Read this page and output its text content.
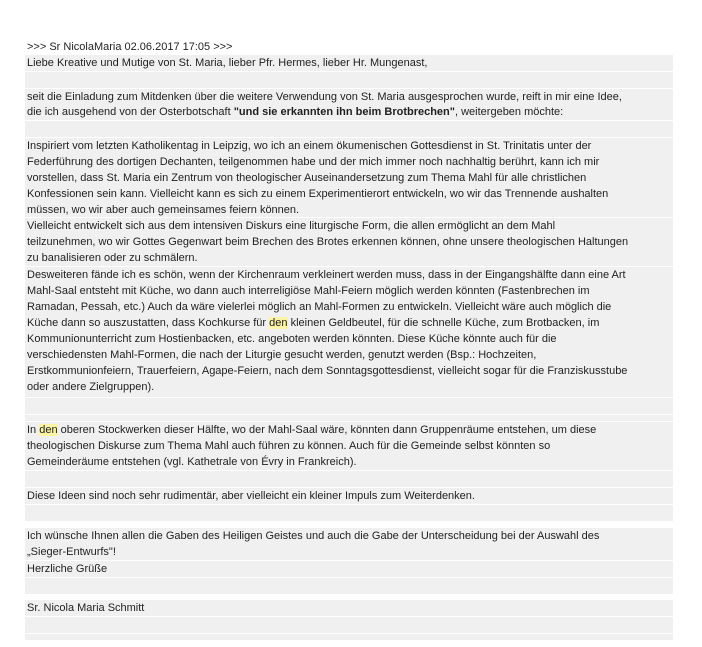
>>> Sr NicolaMaria 02.06.2017 17:05 >>>
Liebe Kreative und Mutige von St. Maria, lieber Pfr. Hermes, lieber Hr. Mungenast,
seit die Einladung zum Mitdenken über die weitere Verwendung von St. Maria ausgesprochen wurde, reift in mir eine Idee,
die ich ausgehend von der Osterbotschaft "und sie erkannten ihn beim Brotbrechen", weitergeben möchte:
Inspiriert vom letzten Katholikentag in Leipzig, wo ich an einem ökumenischen Gottesdienst in St. Trinitatis unter der
Federführung des dortigen Dechanten, teilgenommen habe und der mich immer noch nachhaltig berührt, kann ich mir
vorstellen, dass St. Maria ein Zentrum von theologischer Auseinandersetzung zum Thema Mahl für alle christlichen
Konfessionen sein kann. Vielleicht kann es sich zu einem Experimentierort entwickeln, wo wir das Trennende aushalten
müssen, wo wir aber auch gemeinsames feiern können.
Vielleicht entwickelt sich aus dem intensiven Diskurs eine liturgische Form, die allen ermöglicht an dem Mahl
teilzunehmen, wo wir Gottes Gegenwart beim Brechen des Brotes erkennen können, ohne unsere theologischen Haltungen
zu banalisieren oder zu schmälern.
Desweiteren fände ich es schön, wenn der Kirchenraum verkleinert werden muss, dass in der Eingangshälfte dann eine Art
Mahl-Saal entsteht mit Küche, wo dann auch interreligiöse Mahl-Feiern möglich werden könnten (Fastenbrechen im
Ramadan, Pessah, etc.) Auch da wäre vielerlei möglich an Mahl-Formen zu entwickeln. Vielleicht wäre auch möglich die
Küche dann so auszustatten, dass Kochkurse für den kleinen Geldbeutel, für die schnelle Küche, zum Brotbacken, im
Kommunionunterricht zum Hostienbacken, etc. angeboten werden könnten. Diese Küche könnte auch für die
verschiedensten Mahl-Formen, die nach der Liturgie gesucht werden, genutzt werden (Bsp.: Hochzeiten,
Erstkommunionfeiern, Trauerfeiern, Agape-Feiern, nach dem Sonntagsgottesdienst, vielleicht sogar für die Franziskusstube
oder andere Zielgruppen).
In den oberen Stockwerken dieser Hälfte, wo der Mahl-Saal wäre, könnten dann Gruppenräume entstehen, um diese
theologischen Diskurse zum Thema Mahl auch führen zu können. Auch für die Gemeinde selbst könnten so
Gemeinderäume entstehen (vgl. Kathetrale von Évry in Frankreich).
Diese Ideen sind noch sehr rudimentär, aber vielleicht ein kleiner Impuls zum Weiterdenken.
Ich wünsche Ihnen allen die Gaben des Heiligen Geistes und auch die Gabe der Unterscheidung bei der Auswahl des
„Sieger-Entwurfs"!
Herzliche Grüße
Sr. Nicola Maria Schmitt
